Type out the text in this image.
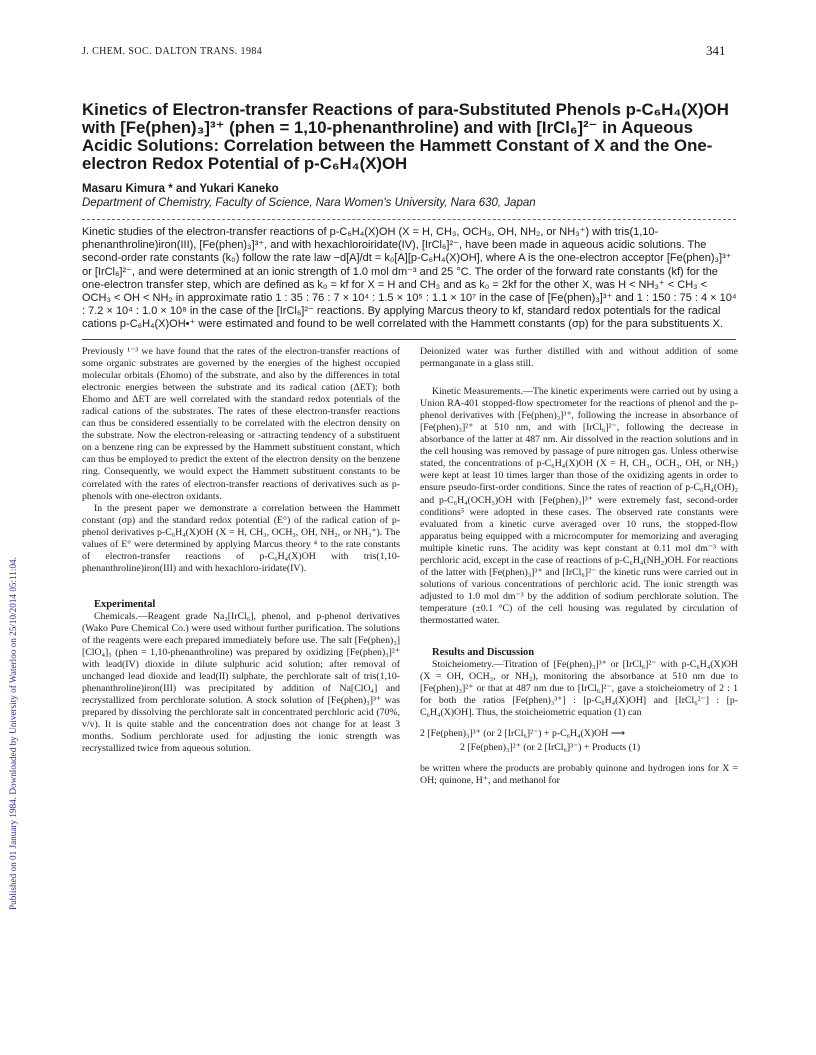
J. CHEM. SOC. DALTON TRANS. 1984	341
Kinetics of Electron-transfer Reactions of para-Substituted Phenols p-C₆H₄(X)OH with [Fe(phen)₃]³⁺ (phen = 1,10-phenanthroline) and with [IrCl₆]²⁻ in Aqueous Acidic Solutions: Correlation between the Hammett Constant of X and the One-electron Redox Potential of p-C₆H₄(X)OH
Masaru Kimura * and Yukari Kaneko
Department of Chemistry, Faculty of Science, Nara Women's University, Nara 630, Japan

Kinetic studies of the electron-transfer reactions of p-C₆H₄(X)OH (X = H, CH₃, OCH₃, OH, NH₂, or NH₃⁺) with tris(1,10-phenanthroline)iron(III), [Fe(phen)₃]³⁺, and with hexachloroiridate(IV), [IrCl₆]²⁻, have been made in aqueous acidic solutions. The second-order rate constants (k₀) follow the rate law −d[A]/dt = k₀[A][p-C₆H₄(X)OH], where A is the one-electron acceptor [Fe(phen)₃]³⁺ or [IrCl₆]²⁻, and were determined at an ionic strength of 1.0 mol dm⁻³ and 25 °C. The order of the forward rate constants (kf) for the one-electron transfer step, which are defined as k₀ = kf for X = H and CH₃ and as k₀ = 2kf for the other X, was H < NH₃⁺ < CH₃ < OCH₃ < OH < NH₂ in approximate ratio 1 : 35 : 76 : 7 × 10⁴ : 1.5 × 10⁵ : 1.1 × 10⁷ in the case of [Fe(phen)₃]³⁺ and 1 : 150 : 75 : 4 × 10⁴ : 7.2 × 10⁴ : 1.0 × 10⁸ in the case of the [IrCl₆]²⁻ reactions. By applying Marcus theory to kf, standard redox potentials for the radical cations p-C₆H₄(X)OH•⁺ were estimated and found to be well correlated with the Hammett constants (σp) for the para substituents X.

Previously ¹⁻³ we have found that the rates of the electron-transfer reactions of some organic substrates are governed by the energies of the highest occupied molecular orbitals (Ehomo) of the substrate, and also by the differences in total electronic energies between the substrate and its radical cation (ΔET); both Ehomo and ΔET are well correlated with the standard redox potentials of the radical cations of the substrates. The rates of these electron-transfer reactions can thus be considered essentially to be correlated with the electron density on the substrate. Now the electron-releasing or -attracting tendency of a substituent on a benzene ring can be expressed by the Hammett substituent constant, which can thus be employed to predict the extent of the electron density on the benzene ring. Consequently, we would expect the Hammett substituent constants to be correlated with the rates of electron-transfer reactions of derivatives such as p-phenols with one-electron oxidants.

In the present paper we demonstrate a correlation between the Hammett constant (σp) and the standard redox potential (E°) of the radical cation of p-phenol derivatives p-C₆H₄(X)OH (X = H, CH₃, OCH₃, OH, NH₂, or NH₃⁺). The values of E° were determined by applying Marcus theory ⁴ to the rate constants of electron-transfer reactions of p-C₆H₄(X)OH with tris(1,10-phenanthroline)iron(III) and with hexachloro-iridate(IV).

Experimental

Chemicals.—Reagent grade Na₂[IrCl₆], phenol, and p-phenol derivatives (Wako Pure Chemical Co.) were used without further purification. The solutions of the reagents were each prepared immediately before use. The salt [Fe(phen)₃][ClO₄]₃ (phen = 1,10-phenanthroline) was prepared by oxidizing [Fe(phen)₃]²⁺ with lead(IV) dioxide in dilute sulphuric acid solution; after removal of unchanged lead dioxide and lead(II) sulphate, the perchlorate salt of tris(1,10-phenanthroline)iron(III) was precipitated by addition of Na[ClO₄] and recrystallized from perchlorate solution. A stock solution of [Fe(phen)₃]³⁺ was prepared by dissolving the perchlorate salt in concentrated perchloric acid (70%, v/v). It is quite stable and the concentration does not change for at least 3 months. Sodium perchlorate used for adjusting the ionic strength was recrystallized twice from aqueous solution.

Deionized water was further distilled with and without addition of some permanganate in a glass still.

Kinetic Measurements.—The kinetic experiments were carried out by using a Union RA-401 stopped-flow spectrometer for the reactions of phenol and the p-phenol derivatives with [Fe(phen)₃]³⁺, following the increase in absorbance of [Fe(phen)₃]²⁺ at 510 nm, and with [IrCl₆]²⁻, following the decrease in absorbance of the latter at 487 nm. Air dissolved in the reaction solutions and in the cell housing was removed by passage of pure nitrogen gas. Unless otherwise stated, the concentrations of p-C₆H₄(X)OH (X = H, CH₃, OCH₃, OH, or NH₂) were kept at least 10 times larger than those of the oxidizing agents in order to ensure pseudo-first-order conditions. Since the rates of reaction of p-C₆H₄(OH)₂ and p-C₆H₄(OCH₃)OH with [Fe(phen)₃]³⁺ were extremely fast, second-order conditions⁵ were adopted in these cases. The observed rate constants were evaluated from a kinetic curve averaged over 10 runs, the stopped-flow apparatus being equipped with a microcomputer for memorizing and averaging multiple kinetic runs. The acidity was kept constant at 0.11 mol dm⁻³ with perchloric acid, except in the case of reactions of p-C₆H₄(NH₂)OH. For reactions of the latter with [Fe(phen)₃]³⁺ and [IrCl₆]²⁻ the kinetic runs were carried out in solutions of various concentrations of perchloric acid. The ionic strength was adjusted to 1.0 mol dm⁻³ by the addition of sodium perchlorate solution. The temperature (±0.1 °C) of the cell housing was regulated by circulation of thermostatted water.

Results and Discussion

Stoicheiometry.—Titration of [Fe(phen)₃]³⁺ or [IrCl₆]²⁻ with p-C₆H₄(X)OH (X = OH, OCH₃, or NH₂), monitoring the absorbance at 510 nm due to [Fe(phen)₃]²⁺ or that at 487 nm due to [IrCl₆]²⁻, gave a stoicheiometry of 2 : 1 for both the ratios [Fe(phen)₃³⁺] : [p-C₆H₄(X)OH] and [IrCl₆²⁻] : [p-C₆H₄(X)OH]. Thus, the stoicheiometric equation (1) can

2 [Fe(phen)₃]³⁺ (or 2 [IrCl₆]²⁻) + p-C₆H₄(X)OH ⟶
2 [Fe(phen)₃]²⁺ (or 2 [IrCl₆]³⁻) + Products (1)

be written where the products are probably quinone and hydrogen ions for X = OH; quinone, H⁺, and methanol for

Published on 01 January 1984. Downloaded by University of Waterloo on 25/10/2014 05:11:04.
